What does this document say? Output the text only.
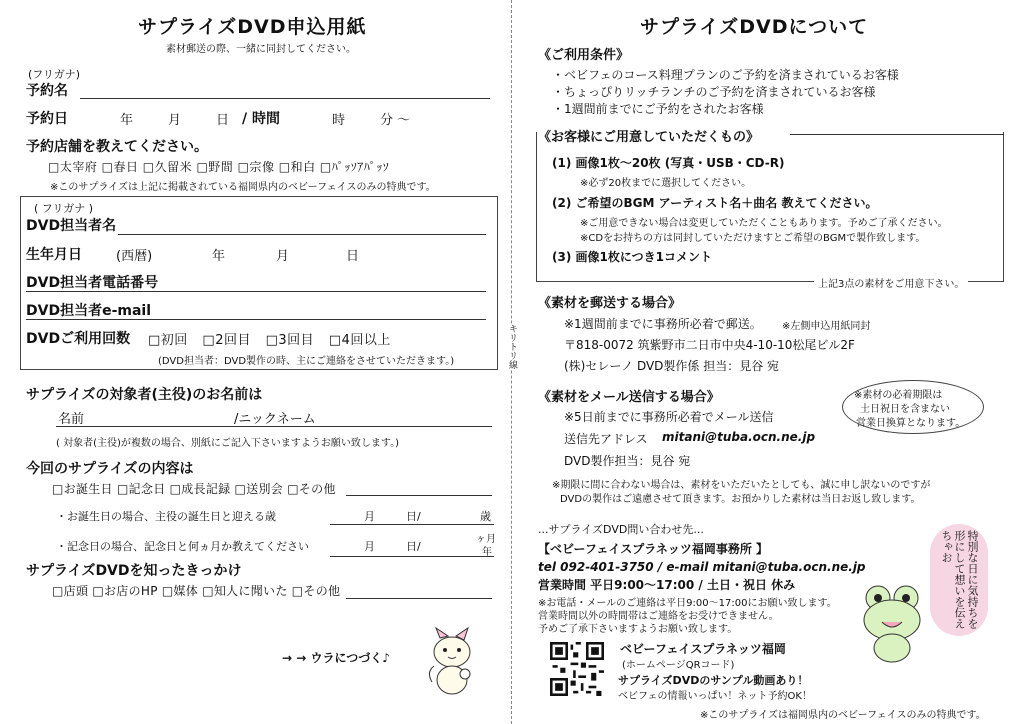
サプライズDVD申込用紙
素材郵送の際、一緒に同封してください。
(フリガナ)
予約名
予約日	年	月	日 / 時間	時	分 〜
予約店舗を教えてください。
□太宰府 □春日 □久留米 □野間 □宗像 □和白 □ﾊﾟｯｿｱﾊﾟｯｿ
※このサプライズは上記に掲載されている福岡県内のベビーフェイスのみの特典です。
( フリガナ )
DVD担当者名
生年月日	(西暦)	年	月	日
DVD担当者電話番号
DVD担当者e-mail
DVDご利用回数 □初回 □2回目 □3回目 □4回以上
(DVD担当者：DVD製作の時、主にご連絡をさせていただきます。)
サプライズの対象者(主役)のお名前は
名前	/ニックネーム
( 対象者(主役)が複数の場合、別紙にご記入下さいますようお願い致します。)
今回のサプライズの内容は
□お誕生日 □記念日 □成長記録 □送別会 □その他
・お誕生日の場合、主役の誕生日と迎える歳	月	日/	歳
・記念日の場合、記念日と何ヵ月か教えてください	月	日/
ヶ月
年
サプライズDVDを知ったきっかけ
□店頭 □お店のHP □媒体 □知人に聞いた □その他
→ → ウラにつづく♪
キリトリ線
サプライズDVDについて
《ご利用条件》
・ベビフェのコース料理プランのご予約を済まされているお客様
・ちょっぴりリッチランチのご予約を済まされているお客様
・1週間前までにご予約をされたお客様
《お客様にご用意していただくもの》
(1) 画像1枚〜20枚 (写真・USB・CD-R)
※必ず20枚までに選択してください。
(2) ご希望のBGM アーティスト名＋曲名 教えてください。
※ご用意できない場合は変更していただくこともあります。予めご了承ください。
※CDをお持ちの方は同封していただけますとご希望のBGMで製作致します。
(3) 画像1枚につき1コメント
上記3点の素材をご用意下さい。
《素材を郵送する場合》
※1週間前までに事務所必着で郵送。 ※左側申込用紙同封
〒818-0072 筑紫野市二日市中央4-10-10松尾ビル2F
(株)セレーノ DVD製作係 担当：見谷 宛
《素材をメール送信する場合》
※5日前までに事務所必着でメール送信
送信先アドレス mitani@tuba.ocn.ne.jp
DVD製作担当：見谷 宛
※素材の必着期限は
土日祝日を含まない
営業日換算となります。
※期限に間に合わない場合は、素材をいただいたとしても、誠に申し訳ないのですが
DVDの製作はご遠慮させて頂きます。お預かりした素材は当日お返し致します。
...サプライズDVD問い合わせ先...
【ベビーフェイスプラネッツ福岡事務所 】
tel 092-401-3750 / e-mail mitani@tuba.ocn.ne.jp
営業時間 平日9:00〜17:00 / 土日・祝日 休み
※お電話・メールのご連絡は平日9:00〜17:00にお願い致します。
営業時間以外の時間帯はご連絡をお受けできません。
予めご了承下さいますようお願い致します。
特別な日に気持ちを形にして想いを伝えちゃお
ベビーフェイスプラネッツ福岡
(ホームページQRコード)
サプライズDVDのサンプル動画あり！
ベビフェの情報いっぱい！ネット予約OK！
※このサプライズは福岡県内のベビーフェイスのみの特典です。
